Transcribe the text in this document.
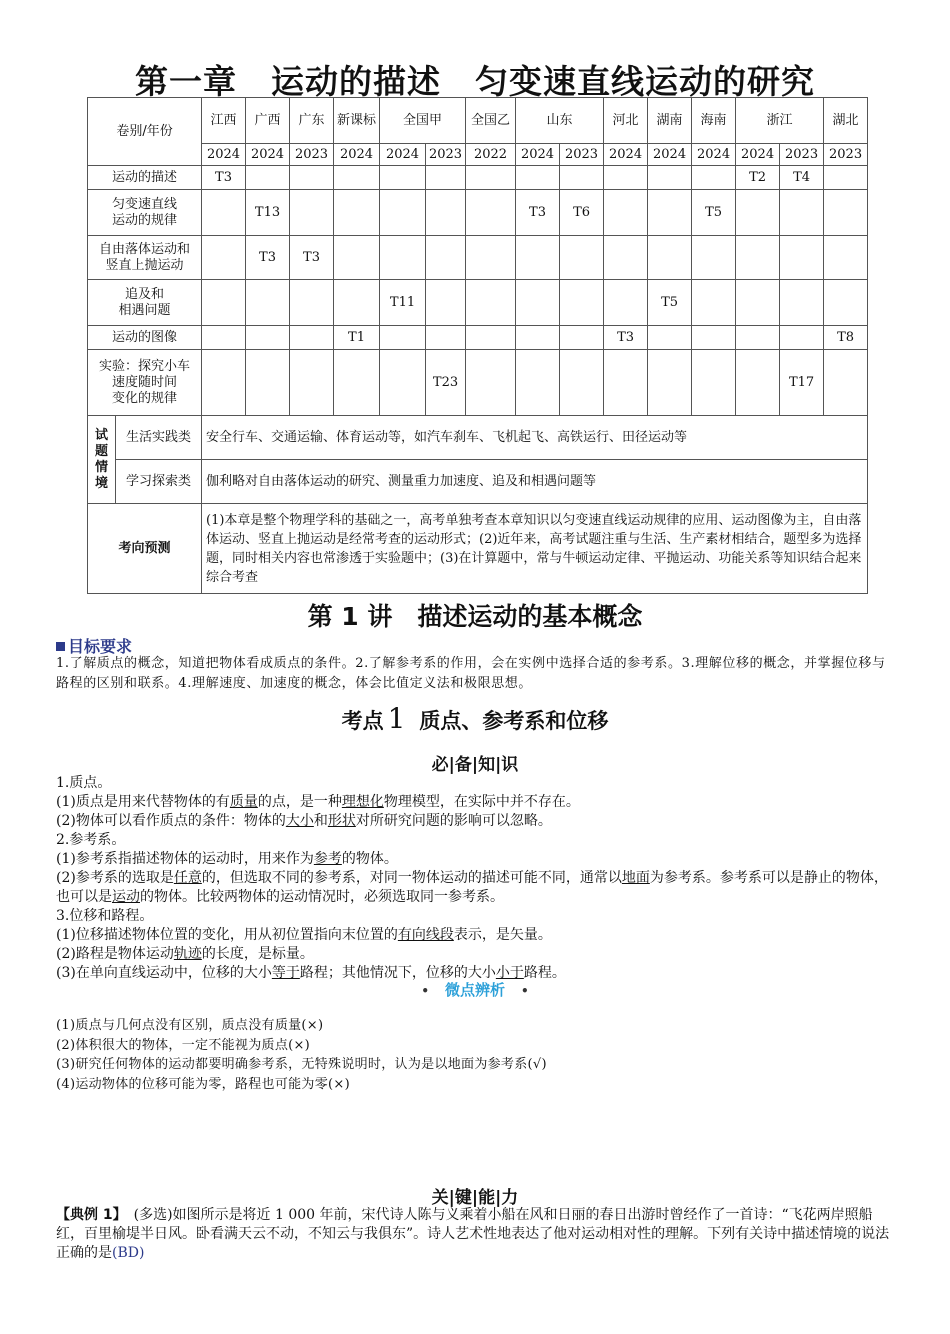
第一章　运动的描述　匀变速直线运动的研究
卷别/年份		江西	广西	广东	新课标	全国甲		全国乙	山东		河北	湖南	海南	浙江		湖北
		2024	2024	2023	2024	2024	2023	2022	2024	2023	2024	2024	2024	2024	2023	2023
运动的描述		T3												T2	T4	
匀变速直线
运动的规律			T13						T3	T6			T5			
自由落体运动和
竖直上抛运动			T3	T3												
追及和
相遇问题						T11						T5				
运动的图像					T1						T3					T8
实验：探究小车
速度随时间
变化的规律							T23								T17	
试
题
情
境	生活实践类	安全行车、交通运输、体育运动等，如汽车刹车、飞机起飞、高铁运行、田径运动等														
	学习探索类	伽利略对自由落体运动的研究、测量重力加速度、追及和相遇问题等														
考向预测		(1)本章是整个物理学科的基础之一，高考单独考查本章知识以匀变速直线运动规律的应用、运动图像为主，自由落体运动、竖直上抛运动是经常考查的运动形式；(2)近年来，高考试题注重与生活、生产素材相结合，题型多为选择题，同时相关内容也常渗透于实验题中；(3)在计算题中，常与牛顿运动定律、平抛运动、功能关系等知识结合起来综合考查														
第 1 讲　描述运动的基本概念
目标要求
1.了解质点的概念，知道把物体看成质点的条件。2.了解参考系的作用，会在实例中选择合适的参考系。3.理解位移的概念，并掌握位移与路程的区别和联系。4.理解速度、加速度的概念，体会比值定义法和极限思想。
考点 1 质点、参考系和位移
必|备|知|识

1.质点。

(1)质点是用来代替物体的有质量的点，是一种理想化物理模型，在实际中并不存在。

(2)物体可以看作质点的条件：物体的大小和形状对所研究问题的影响可以忽略。

2.参考系。

(1)参考系指描述物体的运动时，用来作为参考的物体。

(2)参考系的选取是任意的，但选取不同的参考系，对同一物体运动的描述可能不同，通常以地面为参考系。参考系可以是静止的物体，也可以是运动的物体。比较两物体的运动情况时，必须选取同一参考系。

3.位移和路程。

(1)位移描述物体位置的变化，用从初位置指向末位置的有向线段表示，是矢量。

(2)路程是物体运动轨迹的长度，是标量。

(3)在单向直线运动中，位移的大小等于路程；其他情况下，位移的大小小于路程。

• 微点辨析 •

(1)质点与几何点没有区别，质点没有质量(×)

(2)体积很大的物体，一定不能视为质点(×)

(3)研究任何物体的运动都要明确参考系，无特殊说明时，认为是以地面为参考系(√)

(4)运动物体的位移可能为零，路程也可能为零(×)

关|键|能|力
【典例 1】　(多选)如图所示是将近 1 000 年前，宋代诗人陈与义乘着小船在风和日丽的春日出游时曾经作了一首诗：“飞花两岸照船红，百里榆堤半日风。卧看满天云不动，不知云与我俱东”。诗人艺术性地表达了他对运动相对性的理解。下列有关诗中描述情境的说法正确的是(BD)
